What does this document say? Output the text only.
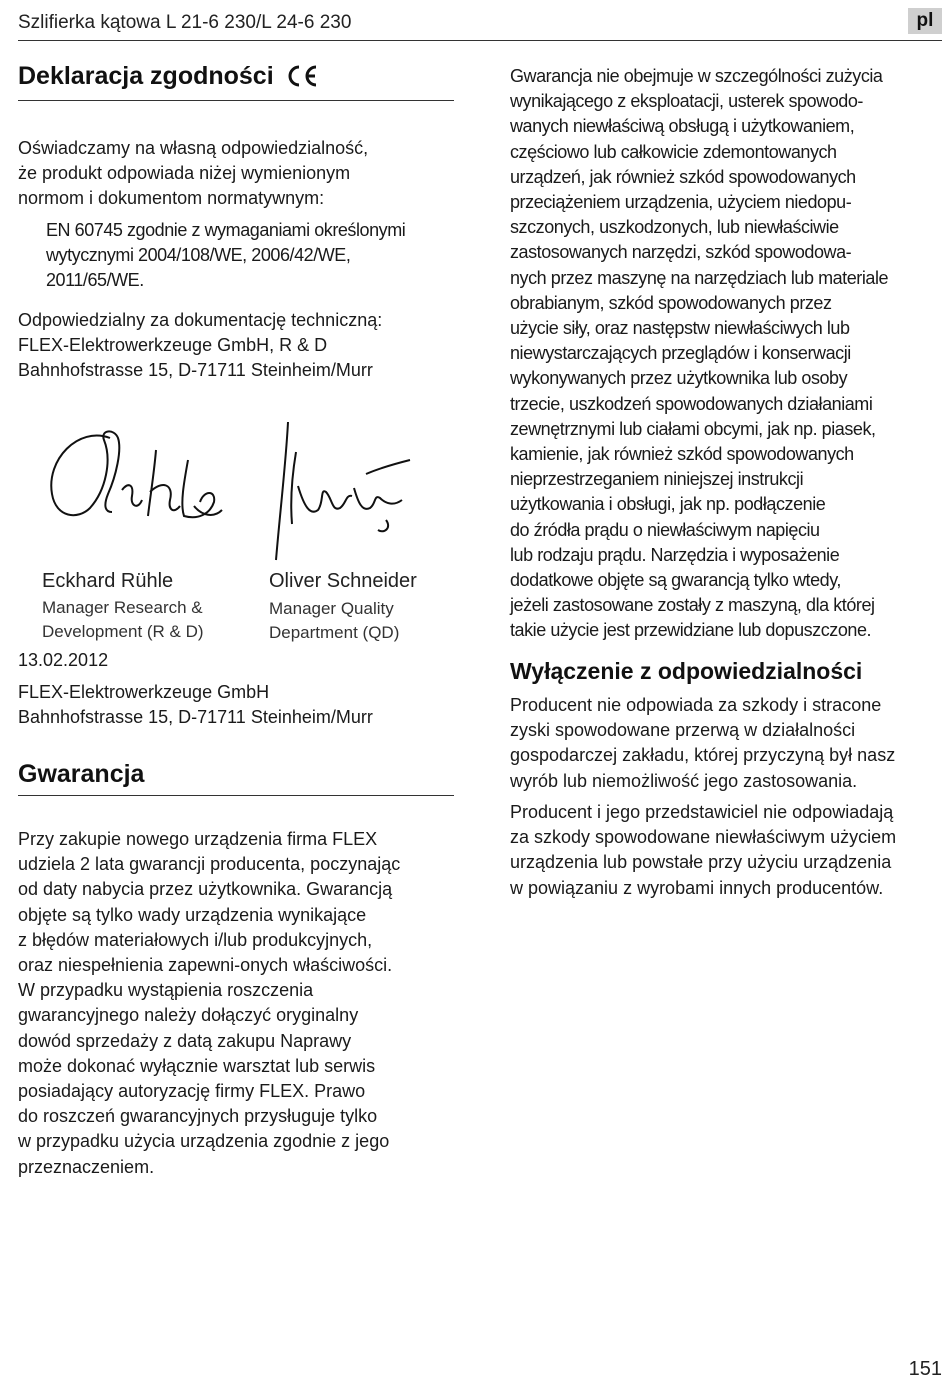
Szlifierka kątowa L 21-6 230/L 24-6 230	pl
Deklaracja zgodności
Oświadczamy na własną odpowiedzialność,
że produkt odpowiada niżej wymienionym
normom i dokumentom normatywnym:
EN 60745 zgodnie z wymaganiami określonymi
wytycznymi 2004/108/WE, 2006/42/WE,
2011/65/WE.
Odpowiedzialny za dokumentację techniczną:
FLEX-Elektrowerkzeuge GmbH, R & D
Bahnhofstrasse 15, D-71711 Steinheim/Murr
Eckhard Rühle
Manager Research &
Development (R & D)
Oliver Schneider
Manager Quality
Department (QD)
13.02.2012
FLEX-Elektrowerkzeuge GmbH
Bahnhofstrasse 15, D-71711 Steinheim/Murr
Gwarancja
Przy zakupie nowego urządzenia firma FLEX
udziela 2 lata gwarancji producenta, poczynając
od daty nabycia przez użytkownika. Gwarancją
objęte są tylko wady urządzenia wynikające
z błędów materiałowych i/lub produkcyjnych,
oraz niespełnienia zapewni-onych właściwości.
W przypadku wystąpienia roszczenia
gwarancyjnego należy dołączyć oryginalny
dowód sprzedaży z datą zakupu Naprawy
może dokonać wyłącznie warsztat lub serwis
posiadający autoryzację firmy FLEX. Prawo
do roszczeń gwarancyjnych przysługuje tylko
w przypadku użycia urządzenia zgodnie z jego
przeznaczeniem.
Gwarancja nie obejmuje w szczególności zużycia
wynikającego z eksploatacji, usterek spowodo-
wanych niewłaściwą obsługą i użytkowaniem,
częściowo lub całkowicie zdemontowanych
urządzeń, jak również szkód spowodowanych
przeciążeniem urządzenia, użyciem niedopu-
szczonych, uszkodzonych, lub niewłaściwie
zastosowanych narzędzi, szkód spowodowa-
nych przez maszynę na narzędziach lub materiale
obrabianym, szkód spowodowanych przez
użycie siły, oraz następstw niewłaściwych lub
niewystarczających przeglądów i konserwacji
wykonywanych przez użytkownika lub osoby
trzecie, uszkodzeń spowodowanych działaniami
zewnętrznymi lub ciałami obcymi, jak np. piasek,
kamienie, jak również szkód spowodowanych
nieprzestrzeganiem niniejszej instrukcji
użytkowania i obsługi, jak np. podłączenie
do źródła prądu o niewłaściwym napięciu
lub rodzaju prądu. Narzędzia i wyposażenie
dodatkowe objęte są gwarancją tylko wtedy,
jeżeli zastosowane zostały z maszyną, dla której
takie użycie jest przewidziane lub dopuszczone.
Wyłączenie z odpowiedzialności
Producent nie odpowiada za szkody i stracone
zyski spowodowane przerwą w działalności
gospodarczej zakładu, której przyczyną był nasz
wyrób lub niemożliwość jego zastosowania.
Producent i jego przedstawiciel nie odpowiadają
za szkody spowodowane niewłaściwym użyciem
urządzenia lub powstałe przy użyciu urządzenia
w powiązaniu z wyrobami innych producentów.
151
